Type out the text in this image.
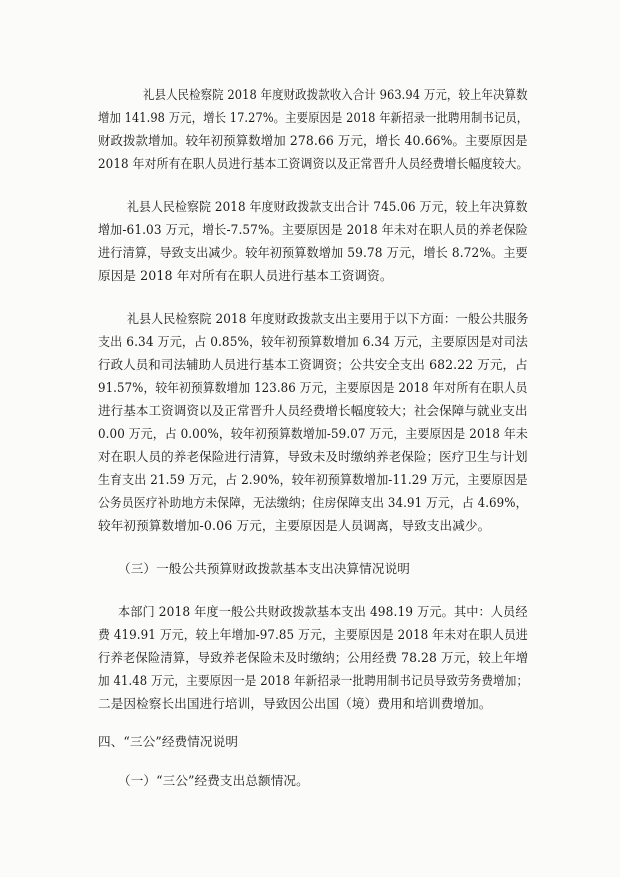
礼县人民检察院 2018 年度财政拨款收入合计 963.94 万元，较上年决算数
增加 141.98 万元，增长 17.27%。主要原因是 2018 年新招录一批聘用制书记员，
财政拨款增加。较年初预算数增加 278.66 万元，增长 40.66%。主要原因是
2018 年对所有在职人员进行基本工资调资以及正常晋升人员经费增长幅度较大。
礼县人民检察院 2018 年度财政拨款支出合计 745.06 万元，较上年决算数
增加-61.03 万元，增长-7.57%。主要原因是 2018 年未对在职人员的养老保险
进行清算，导致支出减少。较年初预算数增加 59.78 万元，增长 8.72%。主要
原因是 2018 年对所有在职人员进行基本工资调资。
礼县人民检察院 2018 年度财政拨款支出主要用于以下方面：一般公共服务
支出 6.34 万元，占 0.85%，较年初预算数增加 6.34 万元，主要原因是对司法
行政人员和司法辅助人员进行基本工资调资；公共安全支出 682.22 万元，占
91.57%，较年初预算数增加 123.86 万元，主要原因是 2018 年对所有在职人员
进行基本工资调资以及正常晋升人员经费增长幅度较大；社会保障与就业支出
0.00 万元，占 0.00%，较年初预算数增加-59.07 万元，主要原因是 2018 年未
对在职人员的养老保险进行清算，导致未及时缴纳养老保险；医疗卫生与计划
生育支出 21.59 万元，占 2.90%，较年初预算数增加-11.29 万元，主要原因是
公务员医疗补助地方未保障，无法缴纳；住房保障支出 34.91 万元，占 4.69%，
较年初预算数增加-0.06 万元，主要原因是人员调离，导致支出减少。
（三）一般公共预算财政拨款基本支出决算情况说明
本部门 2018 年度一般公共财政拨款基本支出 498.19 万元。其中：人员经
费 419.91 万元，较上年增加-97.85 万元，主要原因是 2018 年未对在职人员进
行养老保险清算，导致养老保险未及时缴纳；公用经费 78.28 万元，较上年增
加 41.48 万元，主要原因一是 2018 年新招录一批聘用制书记员导致劳务费增加；
二是因检察长出国进行培训，导致因公出国（境）费用和培训费增加。
四、“三公”经费情况说明
（一）“三公”经费支出总额情况。
